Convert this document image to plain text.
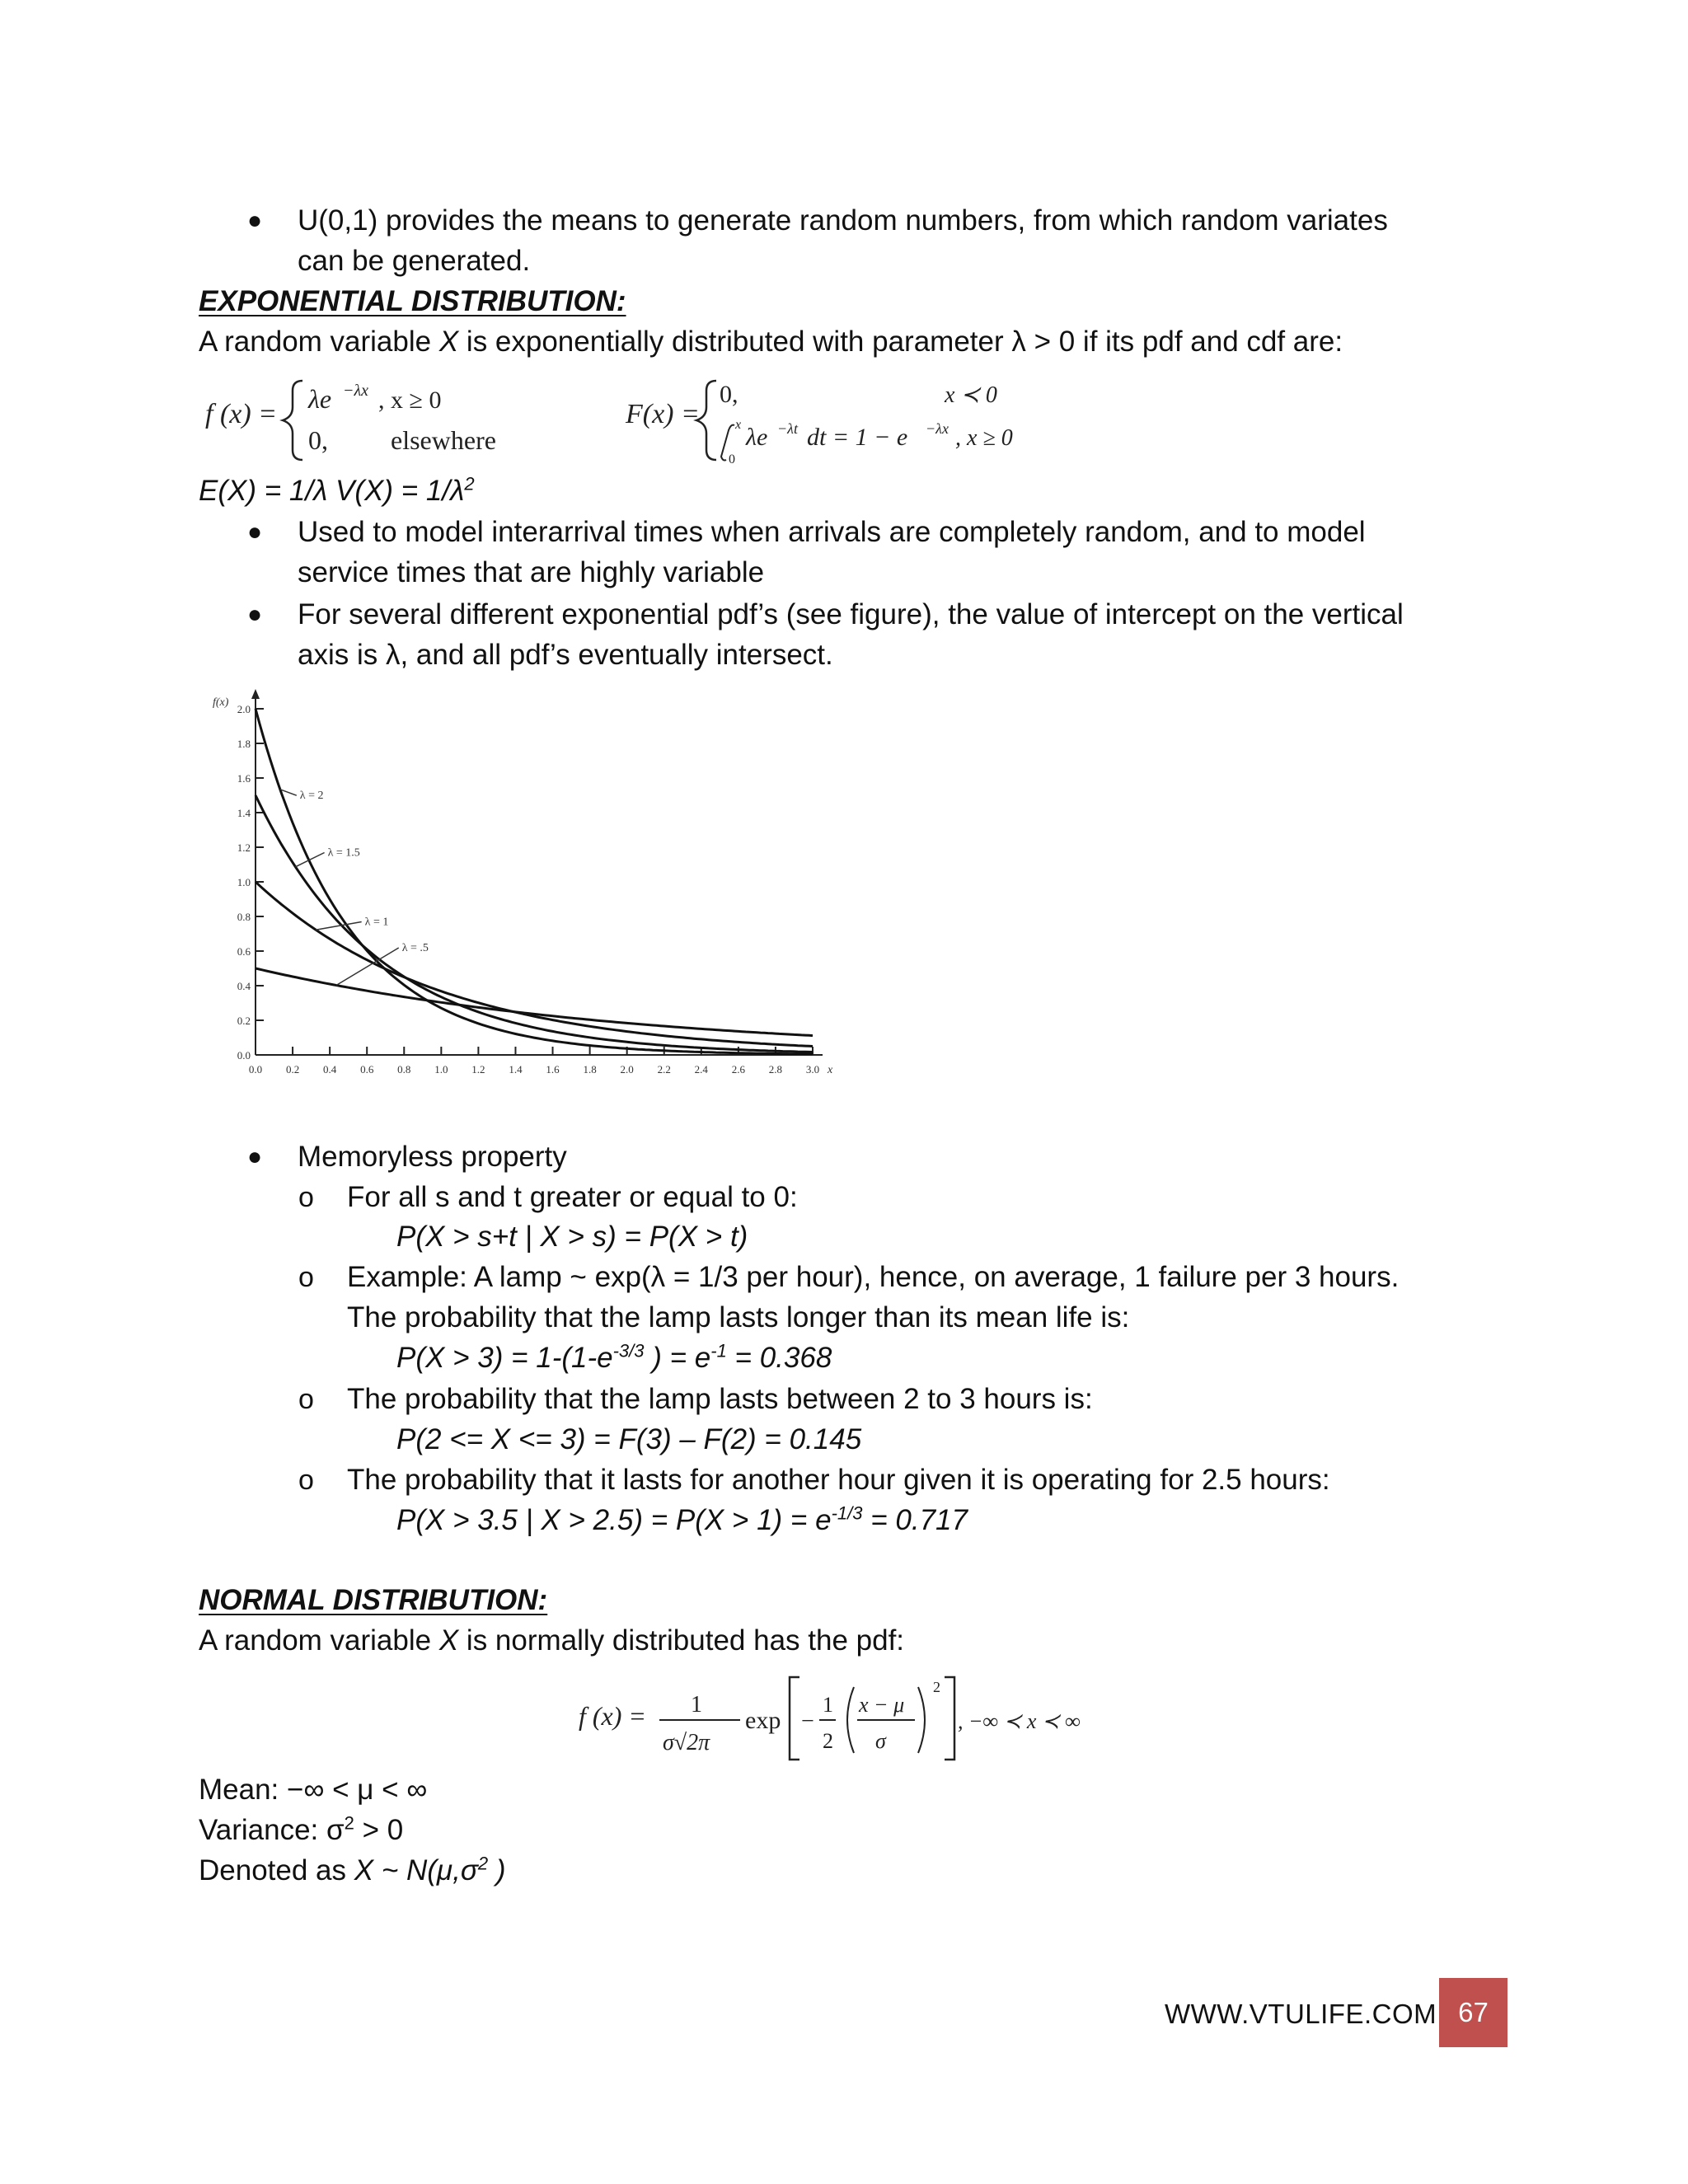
● U(0,1) provides the means to generate random numbers, from which random variates
can be generated.
EXPONENTIAL DISTRIBUTION:
A random variable X is exponentially distributed with parameter λ > 0 if its pdf and cdf are:
f (x) = λe −λx , x ≥ 0
0, elsewhere
F(x) =
0,	x ≺ 0
x
0
λe −λt dt = 1 − e −λx , x ≥ 0
E(X) = 1/λ $V(X) = 1/\lambda^2$
● Used to model interarrival times when arrivals are completely random, and to model
service times that are highly variable
● For several different exponential pdf’s (see figure), the value of intercept on the vertical
axis is λ, and all pdf’s eventually intersect.
f(x)
x
0.0
0.2
0.4
0.6
0.8
1.0
1.2
1.4
1.6
1.8
2.0
0.0 0.2 0.4 0.6 0.8 1.0 1.2 1.4 1.6 1.8 2.0 2.2 2.4 2.6 2.8 3.0
λ = 2
λ = 1.5
λ = 1
λ = .5
● Memoryless property
o For all s and t greater or equal to 0:
P(X > s+t | X > s) = P(X > t)
o Example: A lamp ~ exp(λ = 1/3 per hour), hence, on average, 1 failure per 3 hours.
The probability that the lamp lasts longer than its mean life is:
$P(X > 3) = 1-(1-e^{-3/3}$ ) = $e^{-1} = 0.368$
o The probability that the lamp lasts between 2 to 3 hours is:
P(2 <= X <= 3) = F(3) – F(2) = 0.145
o The probability that it lasts for another hour given it is operating for 2.5 hours:
P(X > 3.5 | $X > 2.5) = P(X > 1) = e^{-1/3} = 0.717$
NORMAL DISTRIBUTION:
A random variable X is normally distributed has the pdf:
f (x) = 1
σ√2π
exp −
1
2
x − μ
σ
2
, −∞ ≺ x ≺ ∞
Mean: −∞ < μ < ∞
Variance: $\sigma^2 > 0$
Denoted as X ~ $N(\mu,\sigma^2$ )
WWW.VTULIFE.COM 67
